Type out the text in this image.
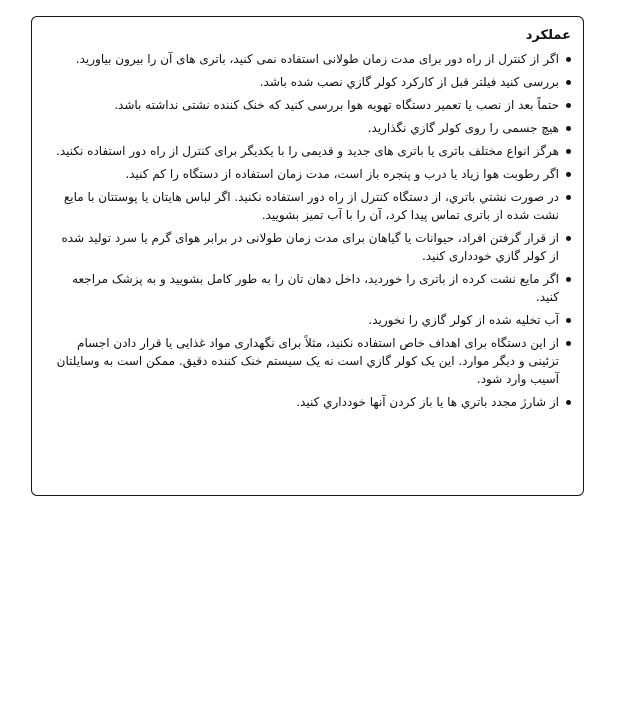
عملکرد
اگر از کنترل از راه دور برای مدت زمان طولانی استفاده نمی کنید، باتری های آن را بیرون بیاورید.
بررسی کنید فیلتر قبل از کارکرد کولر گازي نصب شده باشد.
حتماً بعد از نصب یا تعمیر دستگاه تهویه هوا بررسی کنید که خنک کننده نشتی نداشته باشد.
هیچ جسمی را روی کولر گازي نگذارید.
هرگز انواع مختلف باتری یا باتری های جدید و قدیمی را با یکدیگر برای کنترل از راه دور استفاده نکنید.
اگر رطوبت هوا زیاد یا درب و پنجره باز است، مدت زمان استفاده از دستگاه را کم کنید.
در صورت نشتي باتري، از دستگاه کنترل از راه دور استفاده نکنید. اگر لباس هایتان یا پوستتان با مایع نشت شده از باتری تماس پیدا کرد، آن را با آب تمیز بشویید.
از قرار گرفتن افراد، حیوانات یا گیاهان برای مدت زمان طولانی در برابر هوای گرم یا سرد تولید شده از کولر گازي خودداری کنید.
اگر مایع نشت کرده از باتری را خوردید، داخل دهان تان را به طور کامل بشویید و به پزشک مراجعه کنید.
آب تخلیه شده از کولر گازي را نخورید.
از این دستگاه برای اهداف خاص استفاده نکنید، مثلاً برای نگهداری مواد غذایی یا قرار دادن اجسام تزئینی و دیگر موارد. این یک کولر گازي است نه یک سیستم خنک کننده دقیق. ممکن است به وسایلتان آسیب وارد شود.
از شارژ مجدد باتري ها یا باز کردن آنها خودداري کنید.
